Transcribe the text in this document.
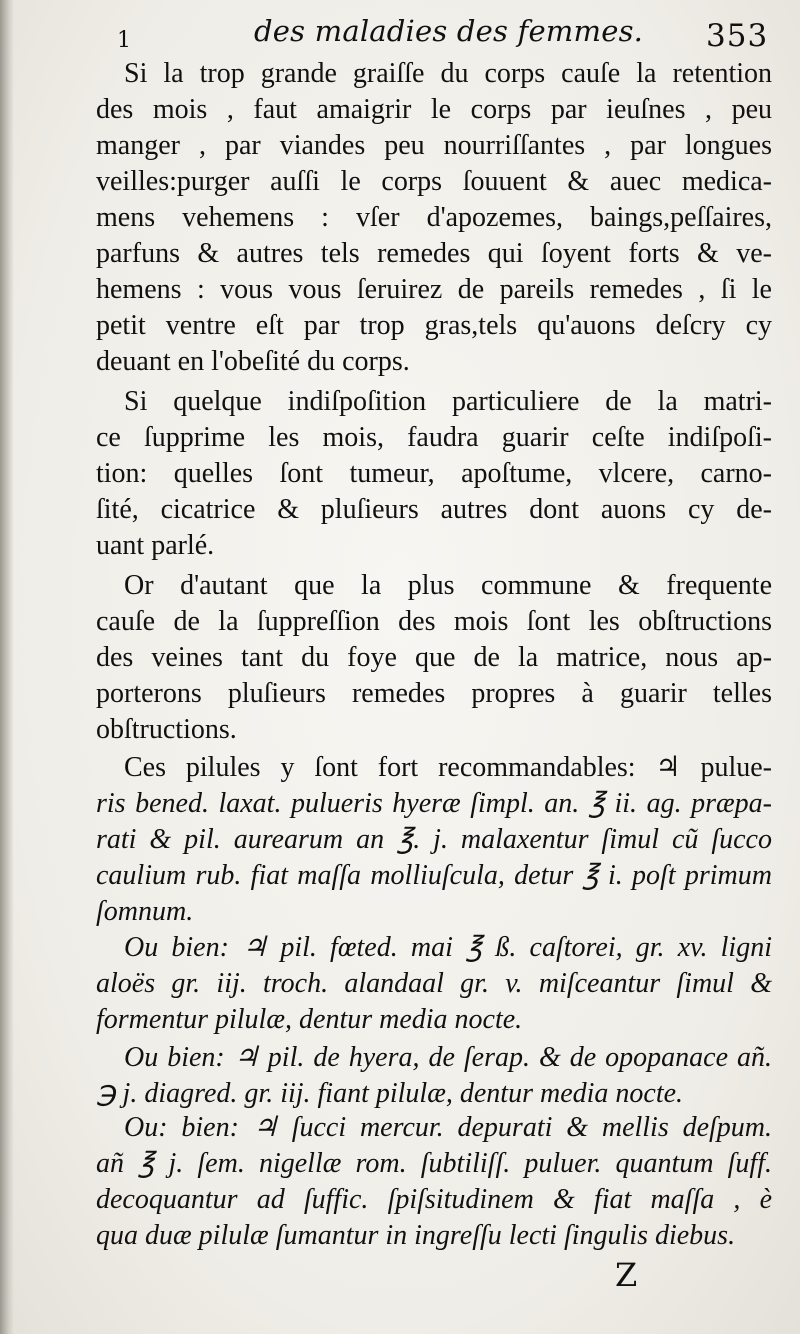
1	des maladies des femmes. 353
Si la trop grande graiſſe du corps cauſe la retention
des mois , faut amaigrir le corps par ieuſnes , peu
manger , par viandes peu nourriſſantes , par longues
veilles:purger auſſi le corps ſouuent & auec medica-
mens vehemens : vſer d'apozemes, baings,peſſaires,
parfuns & autres tels remedes qui ſoyent forts & ve-
hemens : vous vous ſeruirez de pareils remedes , ſi le
petit ventre eſt par trop gras,tels qu'auons deſcry cy
deuant en l'obeſité du corps.
Si quelque indiſpoſition particuliere de la matri-
ce ſupprime les mois, faudra guarir ceſte indiſpoſi-
tion: quelles ſont tumeur, apoſtume, vlcere, carno-
ſité, cicatrice & pluſieurs autres dont auons cy de-
uant parlé.
Or d'autant que la plus commune & frequente
cauſe de la ſuppreſſion des mois ſont les obſtructions
des veines tant du foye que de la matrice, nous ap-
porterons pluſieurs remedes propres à guarir telles
obſtructions.
Ces pilules y ſont fort recommandables: ♃ pulue-
ris bened. laxat. pulueris hyeræ ſimpl. an. ℥ ii. ag. præpa-
rati & pil. aurearum an ℥. j. malaxentur ſimul cũ ſucco
caulium rub. fiat maſſa molliuſcula, detur ℥ i. poſt primum
ſomnum.
Ou bien: ♃ pil. fœted. mai ℥ ß. caſtorei, gr. xv. ligni
aloës gr. iij. troch. alandaal gr. v. miſceantur ſimul &
formentur pilulæ, dentur media nocte.
Ou bien: ♃ pil. de hyera, de ſerap. & de opopanace añ.
℈ j. diagred. gr. iij. fiant pilulæ, dentur media nocte.
Ou: bien: ♃ ſucci mercur. depurati & mellis deſpum.
añ ℥ j. ſem. nigellæ rom. ſubtiliſſ. puluer. quantum ſuff.
decoquantur ad ſuffic. ſpiſsitudinem & fiat maſſa , è
qua duæ pilulæ ſumantur in ingreſſu lecti ſingulis diebus.
Z
